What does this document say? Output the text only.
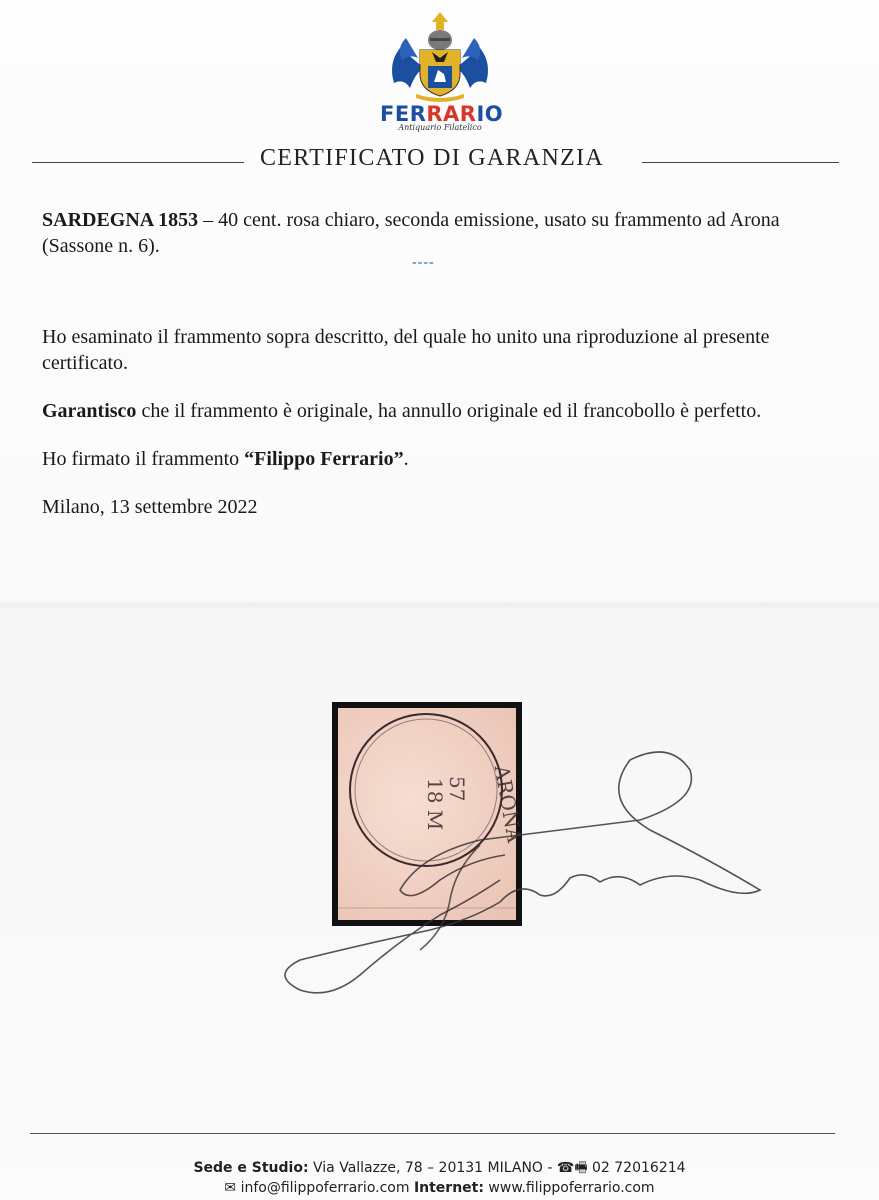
FERRARIO
Antiquario Filatelico
CERTIFICATO DI GARANZIA
SARDEGNA 1853 – 40 cent. rosa chiaro, seconda emissione, usato su frammento ad Arona (Sassone n. 6).
----
Ho esaminato il frammento sopra descritto, del quale ho unito una riproduzione al presente certificato.
Garantisco che il frammento è originale, ha annullo originale ed il francobollo è perfetto.
Ho firmato il frammento “Filippo Ferrario”.
Milano, 13 settembre 2022
18 M
57 ARONA
Sede e Studio: Via Vallazze, 78 – 20131 MILANO - ☎🖷 02 72016214
✉ info@filippoferrario.com Internet: www.filippoferrario.com
